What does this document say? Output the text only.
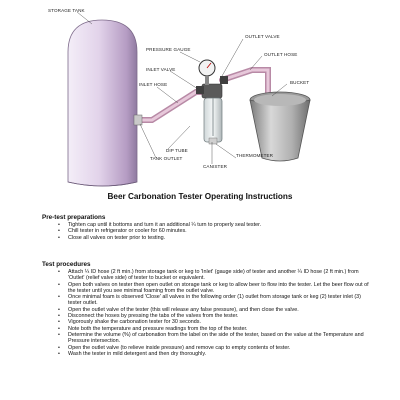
STORAGE TANK
PRESSURE GAUGE
OUTLET VALVE
OUTLET HOSE
INLET VALVE
INLET HOSE	BUCKET
DIP TUBE
TANK OUTLET
THERMOMETER
CANISTER
Beer Carbonation Tester Operating Instructions
Pre-test preparations
• Tighten cap until it bottoms and turn it an additional ¼ turn to properly seal tester.
• Chill tester in refrigerator or cooler for 60 minutes.
• Close all valves on tester prior to testing.
Test procedures
• Attach ¼ ID hose (2 ft min.) from storage tank or keg to 'Inlet' (gauge side) of tester and another ¼ ID hose (2 ft min.) from 'Outlet' (relief valve side) of tester to bucket or equivalent.
• Open both valves on tester then open outlet on storage tank or keg to allow beer to flow into the tester. Let the beer flow out of the tester until you see minimal foaming from the outlet valve.
• Once minimal foam is observed 'Close' all valves in the following order (1) outlet from storage tank or keg (2) tester inlet (3) tester outlet.
• Open the outlet valve of the tester (this will release any false pressure), and then close the valve.
• Disconnect the hoses by pressing the tabs of the valves from the tester.
• Vigorously shake the carbonation tester for 30 seconds.
• Note both the temperature and pressure readings from the top of the tester.
• Determine the volume (%) of carbonation from the label on the side of the tester, based on the value at the Temperature and Pressure intersection.
• Open the outlet valve (to relieve inside pressure) and remove cap to empty contents of tester.
• Wash the tester in mild detergent and then dry thoroughly.
